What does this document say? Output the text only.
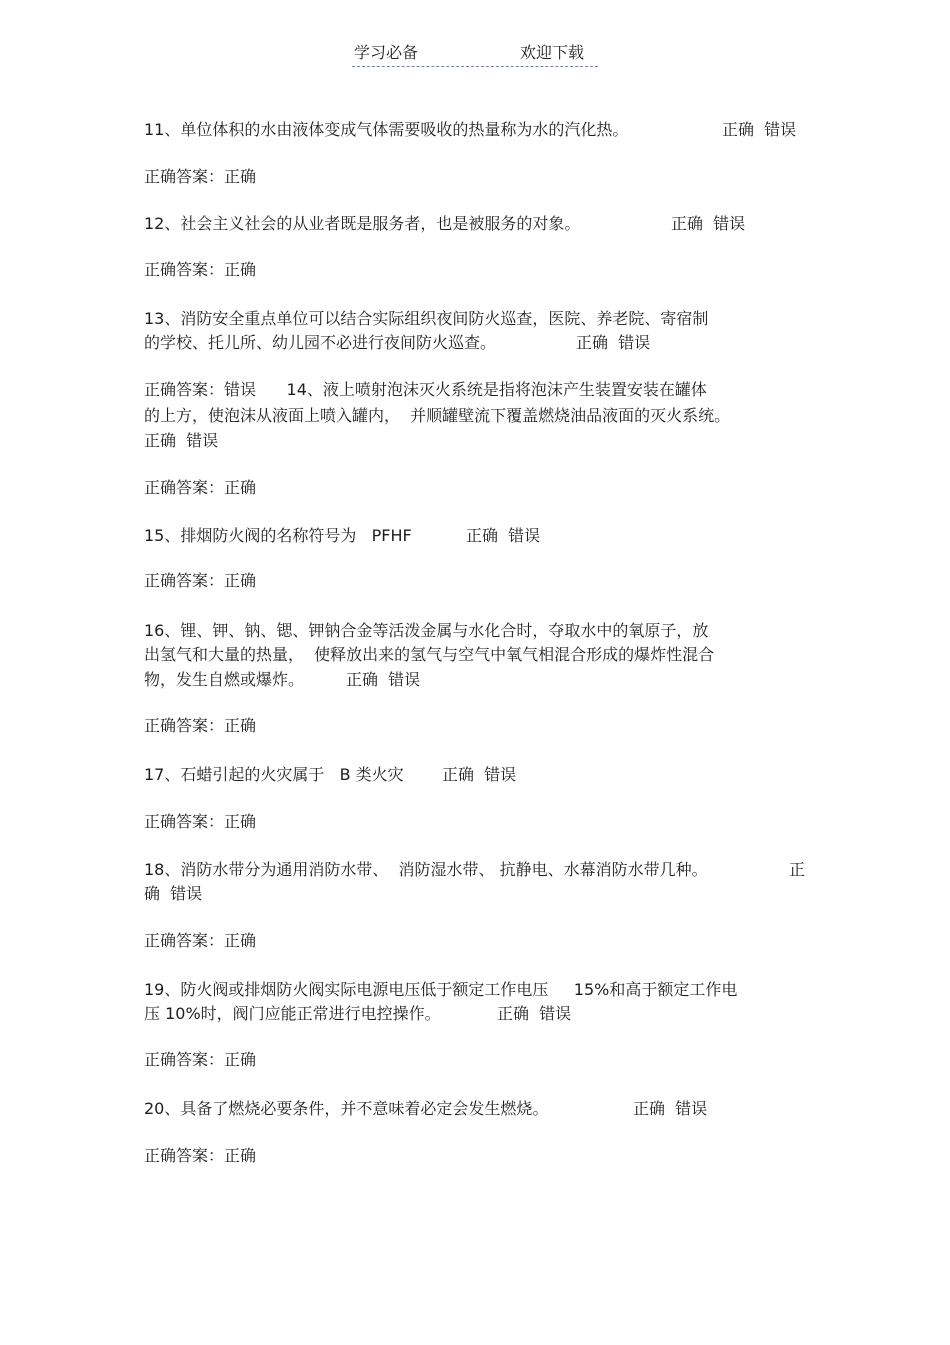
学习必备	欢迎下载
11、单位体积的水由液体变成气体需要吸收的热量称为水的汽化热。	正确  错误
正确答案：正确
12、社会主义社会的从业者既是服务者，也是被服务的对象。	正确  错误
正确答案：正确
13、消防安全重点单位可以结合实际组织夜间防火巡查，医院、养老院、寄宿制
的学校、托儿所、幼儿园不必进行夜间防火巡查。	正确  错误
正确答案：错误      14、液上喷射泡沫灭火系统是指将泡沫产生装置安装在罐体
的上方，使泡沫从液面上喷入罐内，  并顺罐壁流下覆盖燃烧油品液面的灭火系统。
正确  错误
正确答案：正确
15、排烟防火阀的名称符号为   PFHF	正确  错误
正确答案：正确
16、锂、钾、钠、锶、钾钠合金等活泼金属与水化合时，夺取水中的氧原子，放
出氢气和大量的热量，  使释放出来的氢气与空气中氧气相混合形成的爆炸性混合
物，发生自燃或爆炸。	正确  错误
正确答案：正确
17、石蜡引起的火灾属于   B 类火灾 正确  错误
正确答案：正确
18、消防水带分为通用消防水带、  消防湿水带、 抗静电、水幕消防水带几种。	正
确  错误
正确答案：正确
19、防火阀或排烟防火阀实际电源电压低于额定工作电压     15%和高于额定工作电
压 10%时，阀门应能正常进行电控操作。	正确  错误
正确答案：正确
20、具备了燃烧必要条件，并不意味着必定会发生燃烧。	正确  错误
正确答案：正确
